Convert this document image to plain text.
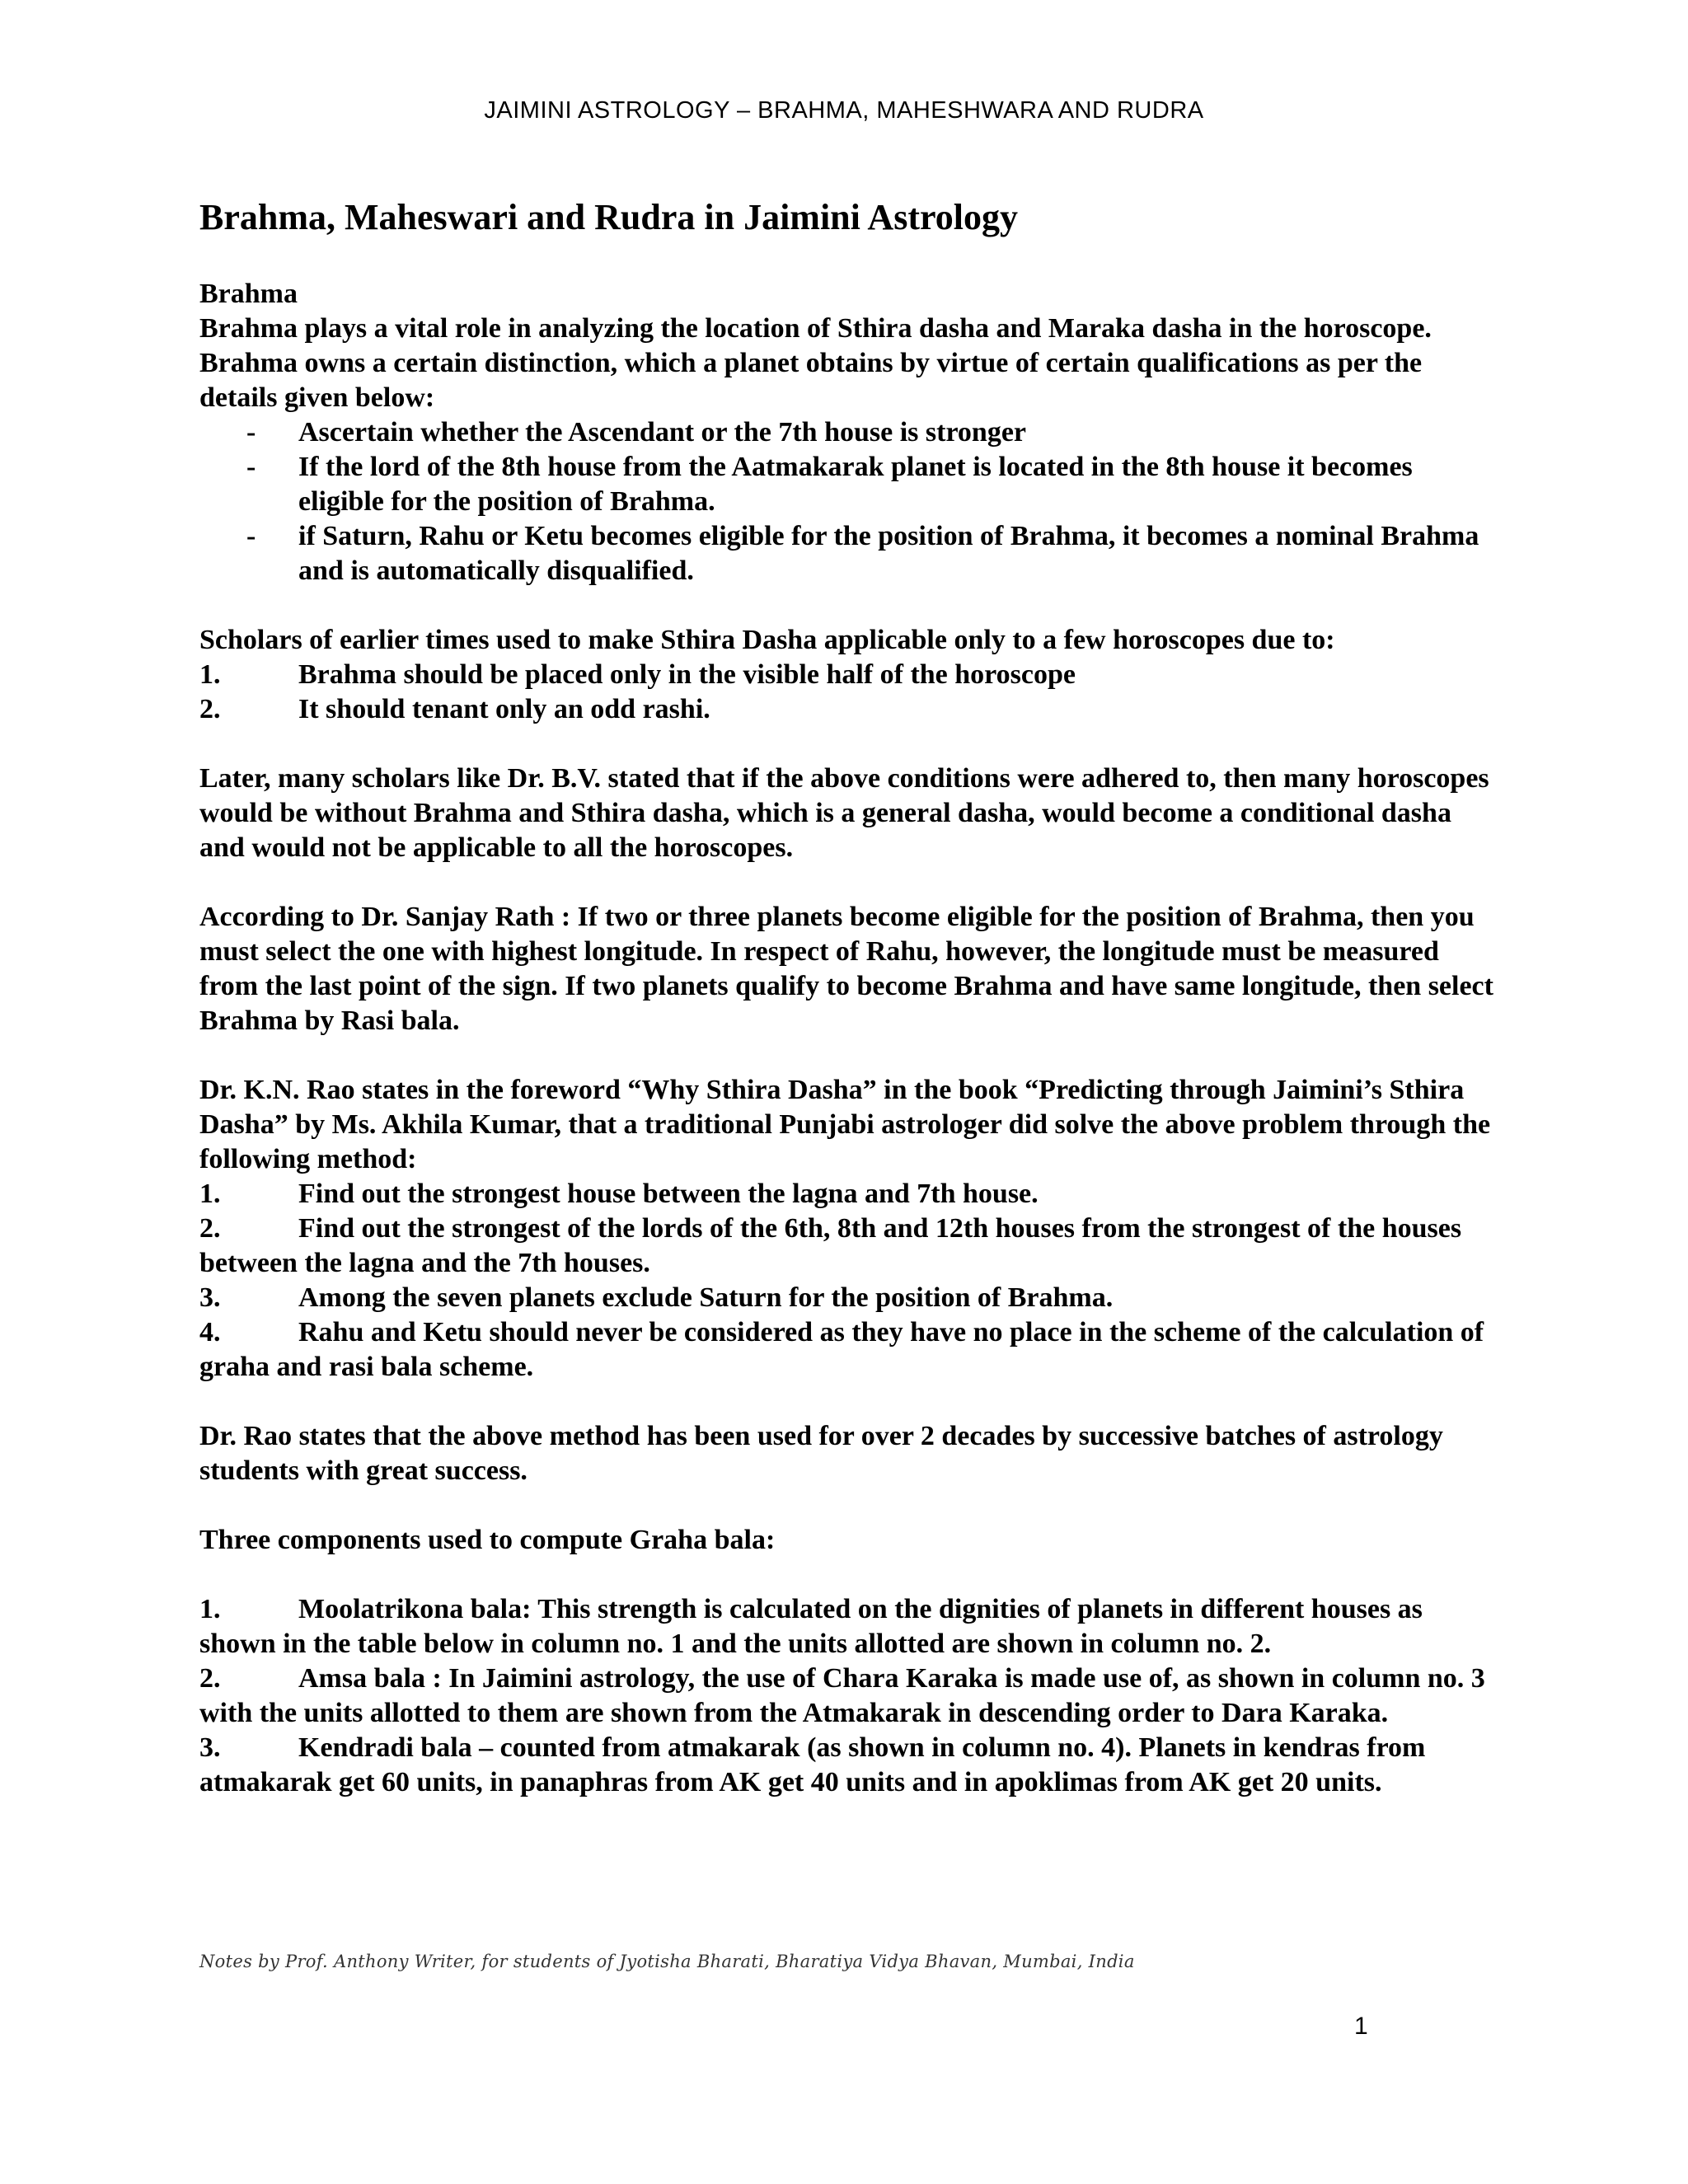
JAIMINI ASTROLOGY – BRAHMA, MAHESHWARA AND RUDRA

Brahma, Maheswari and Rudra in Jaimini Astrology

Brahma

Brahma plays a vital role in analyzing the location of Sthira dasha and Maraka dasha in the horoscope.

Brahma owns a certain distinction, which a planet obtains by virtue of certain qualifications as per the details given below:

- Ascertain whether the Ascendant or the 7th house is stronger

- If the lord of the 8th house from the Aatmakarak planet is located in the 8th house it becomes eligible for the position of Brahma.

- if Saturn, Rahu or Ketu becomes eligible for the position of Brahma, it becomes a nominal Brahma and is automatically disqualified.

Scholars of earlier times used to make Sthira Dasha applicable only to a few horoscopes due to:

1.	Brahma should be placed only in the visible half of the horoscope

2.	It should tenant only an odd rashi.

Later, many scholars like Dr. B.V. stated that if the above conditions were adhered to, then many horoscopes would be without Brahma and Sthira dasha, which is a general dasha, would become a conditional dasha and would not be applicable to all the horoscopes.

According to Dr. Sanjay Rath : If two or three planets become eligible for the position of Brahma, then you must select the one with highest longitude. In respect of Rahu, however, the longitude must be measured from the last point of the sign. If two planets qualify to become Brahma and have same longitude, then select Brahma by Rasi bala.

Dr. K.N. Rao states in the foreword “Why Sthira Dasha” in the book “Predicting through Jaimini’s Sthira Dasha” by Ms. Akhila Kumar, that a traditional Punjabi astrologer did solve the above problem through the following method:

1.	Find out the strongest house between the lagna and 7th house.

2.	Find out the strongest of the lords of the 6th, 8th and 12th houses from the strongest of the houses between the lagna and the 7th houses.

3.	Among the seven planets exclude Saturn for the position of Brahma.

4.	Rahu and Ketu should never be considered as they have no place in the scheme of the calculation of graha and rasi bala scheme.

Dr. Rao states that the above method has been used for over 2 decades by successive batches of astrology students with great success.

Three components used to compute Graha bala:

1.	Moolatrikona bala: This strength is calculated on the dignities of planets in different houses as shown in the table below in column no. 1 and the units allotted are shown in column no. 2.

2.	Amsa bala : In Jaimini astrology, the use of Chara Karaka is made use of, as shown in column no. 3 with the units allotted to them are shown from the Atmakarak in descending order to Dara Karaka.

3.	Kendradi bala – counted from atmakarak (as shown in column no. 4). Planets in kendras from atmakarak get 60 units, in panaphras from AK get 40 units and in apoklimas from AK get 20 units.

Notes by Prof. Anthony Writer, for students of Jyotisha Bharati, Bharatiya Vidya Bhavan, Mumbai, India
1
